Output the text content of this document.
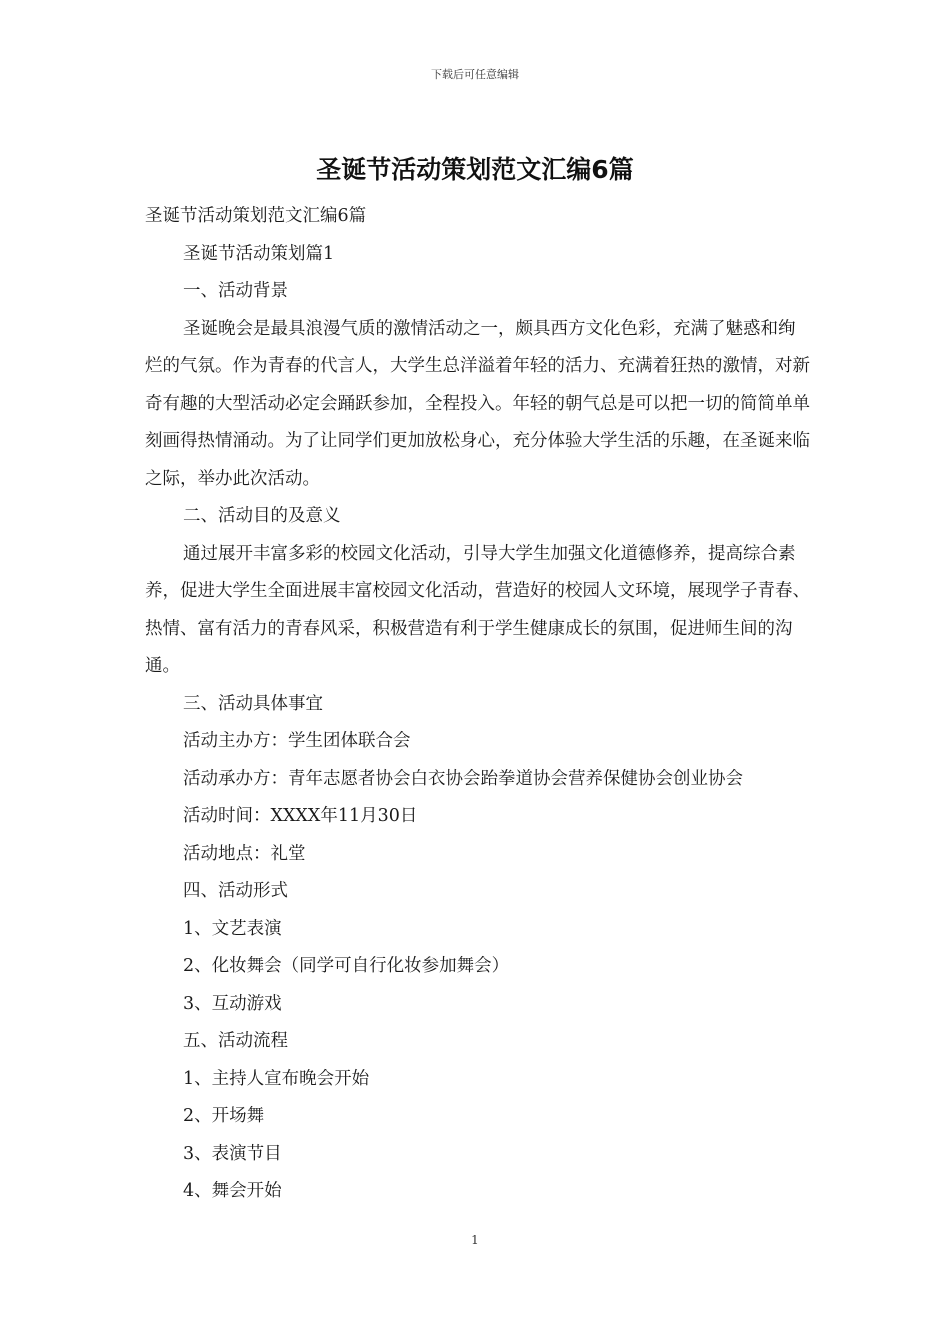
下载后可任意编辑
圣诞节活动策划范文汇编6篇

圣诞节活动策划范文汇编6篇

圣诞节活动策划篇1

一、活动背景

圣诞晚会是最具浪漫气质的激情活动之一，颇具西方文化色彩，充满了魅惑和绚烂的气氛。作为青春的代言人，大学生总洋溢着年轻的活力、充满着狂热的激情，对新奇有趣的大型活动必定会踊跃参加，全程投入。年轻的朝气总是可以把一切的简简单单刻画得热情涌动。为了让同学们更加放松身心，充分体验大学生活的乐趣，在圣诞来临之际，举办此次活动。

二、活动目的及意义

通过展开丰富多彩的校园文化活动，引导大学生加强文化道德修养，提高综合素养，促进大学生全面进展丰富校园文化活动，营造好的校园人文环境，展现学子青春、热情、富有活力的青春风采，积极营造有利于学生健康成长的氛围，促进师生间的沟通。

三、活动具体事宜

活动主办方：学生团体联合会

活动承办方：青年志愿者协会白衣协会跆拳道协会营养保健协会创业协会

活动时间：XXXX年11月30日

活动地点：礼堂

四、活动形式

1、文艺表演

2、化妆舞会（同学可自行化妆参加舞会）

3、互动游戏

五、活动流程

1、主持人宣布晚会开始

2、开场舞

3、表演节目

4、舞会开始

1
